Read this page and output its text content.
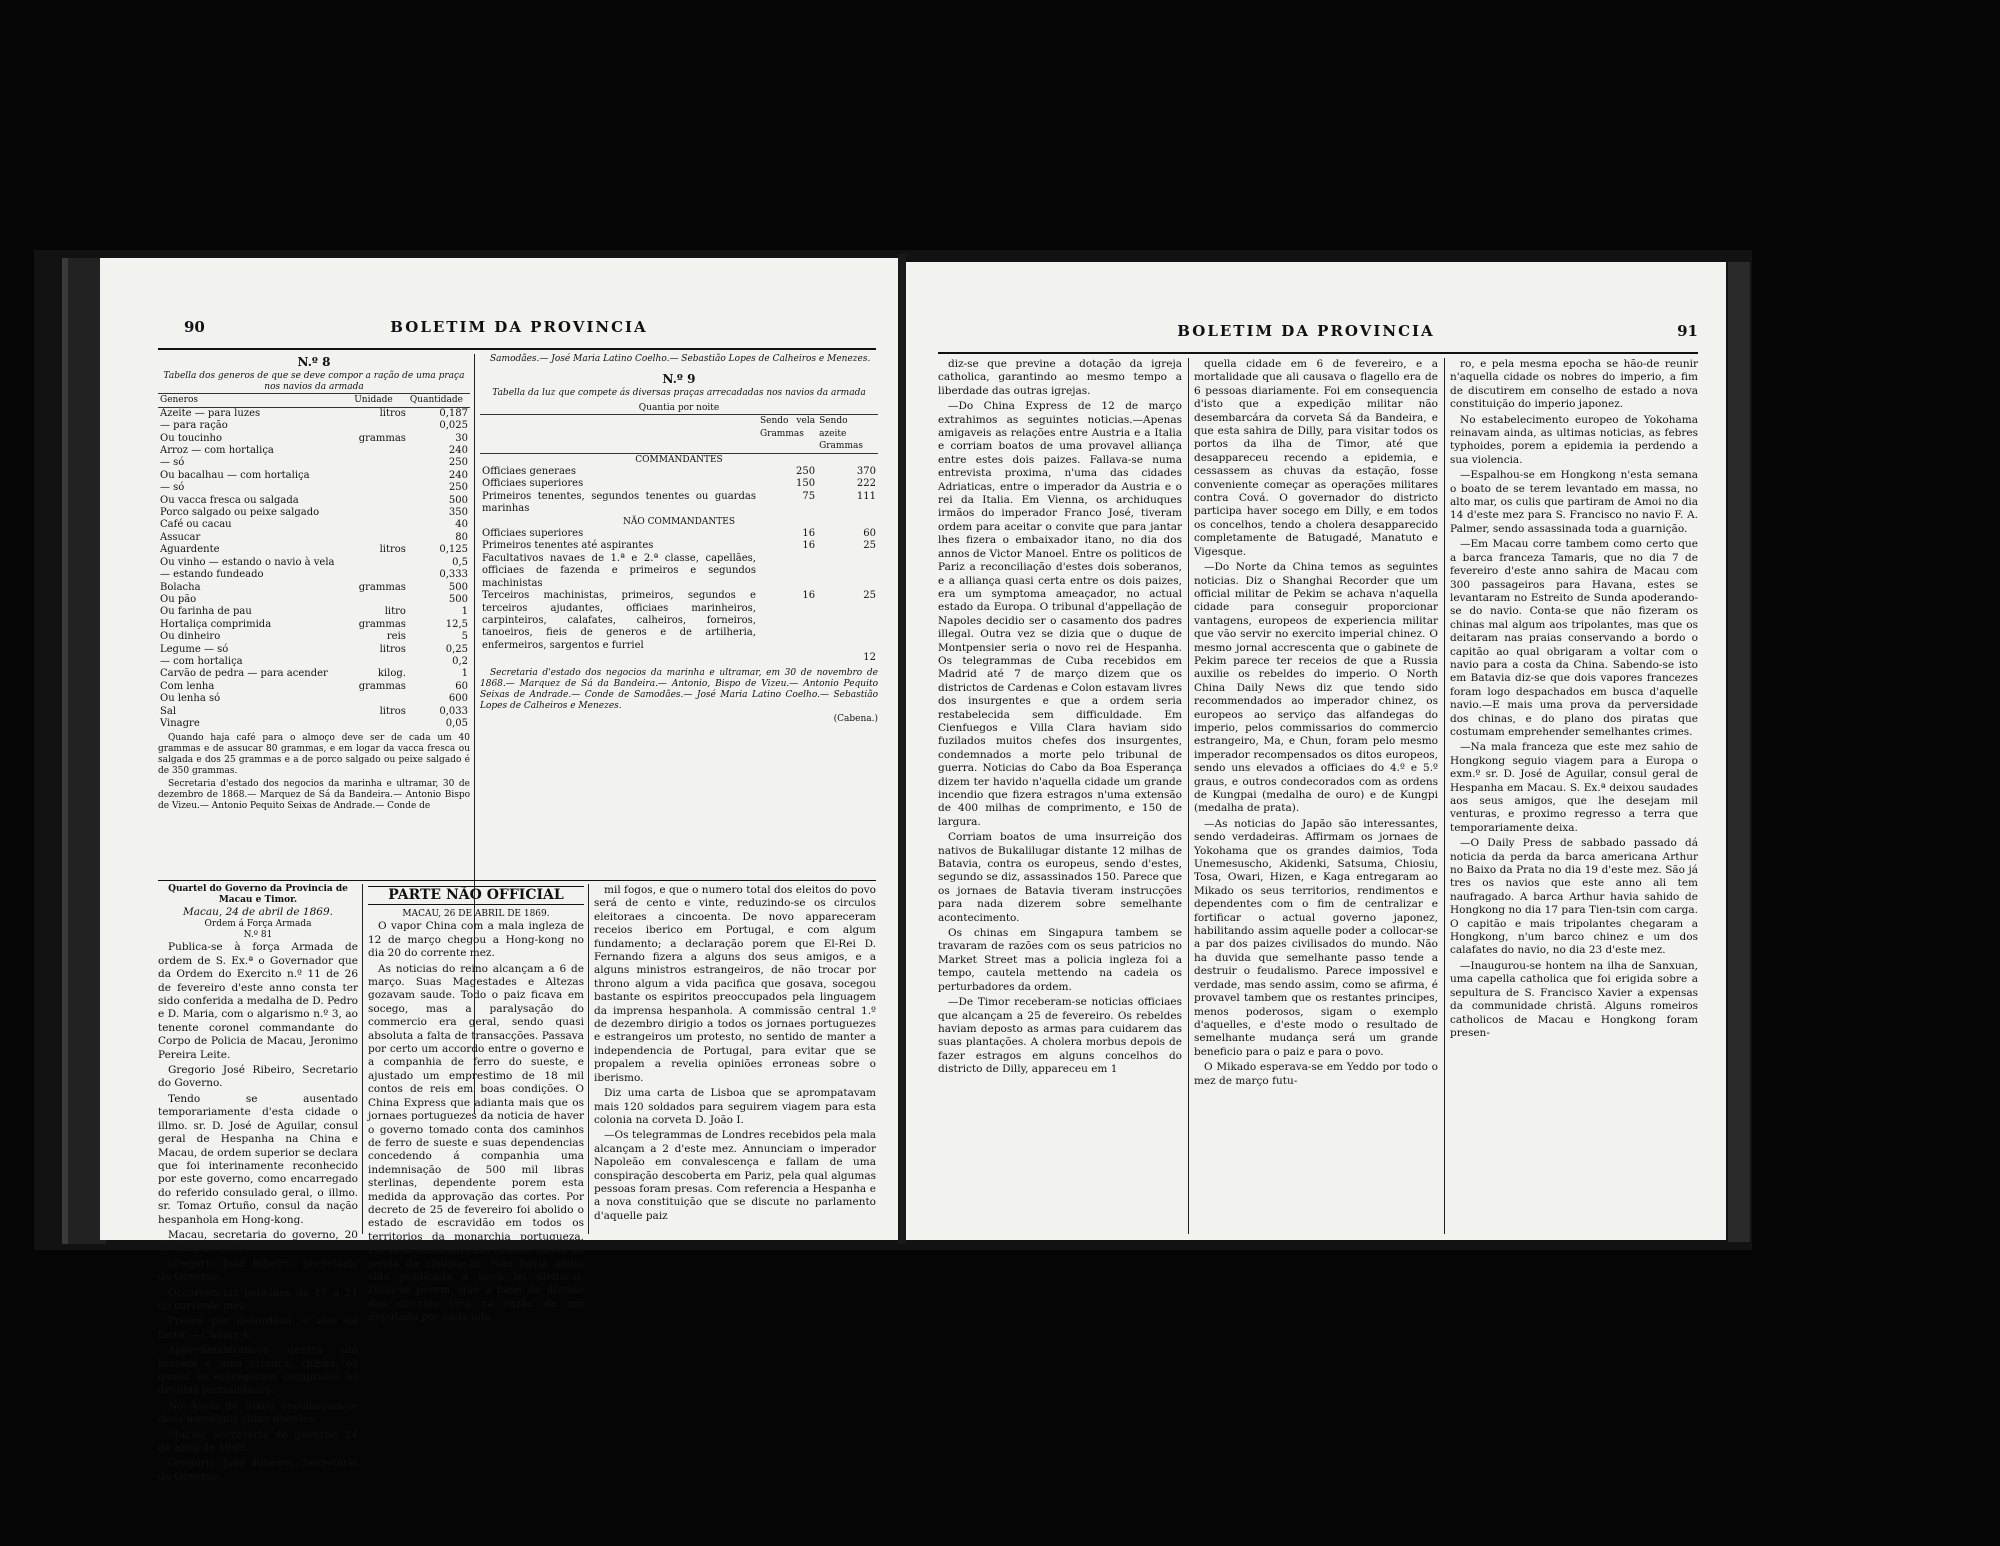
90	BOLETIM DA PROVINCIA
N.º 8
Tabella dos generos de que se deve compor a ração de uma praça nos navios da armada
Generos	Unidade	Quantidade
Azeite — para luzes	litros	0,187
— para ração		0,025
Ou toucinho	grammas	30
Arroz — com hortaliça		240
— só		250
Ou bacalhau — com hortaliça		240
— só		250
Ou vacca fresca ou salgada		500
Porco salgado ou peixe salgado		350
Café ou cacau		40
Assucar		80
Aguardente	litros	0,125
Ou vinho — estando o navio à vela		0,5
— estando fundeado		0,333
Bolacha	grammas	500
Ou pão		500
Ou farinha de pau	litro	1
Hortaliça comprimida	grammas	12,5
Ou dinheiro	reis	5
Legume — só	litros	0,25
— com hortaliça		0,2
Carvão de pedra — para acender	kilog.	1
Com lenha	grammas	60
Ou lenha só		600
Sal	litros	0,033
Vinagre		0,05

Quando haja café para o almoço deve ser de cada um 40 grammas e de assucar 80 grammas, e em logar da vacca fresca ou salgada e dos 25 grammas e a de porco salgado ou peixe salgado é de 350 grammas.

Secretaria d'estado dos negocios da marinha e ultramar, 30 de dezembro de 1868.— Marquez de Sá da Bandeira.— Antonio Bispo de Vizeu.— Antonio Pequito Seixas de Andrade.— Conde de

Samodães.— José Maria Latino Coelho.— Sebastião Lopes de Calheiros e Menezes.

N.º 9
Tabella da luz que compete ás diversas praças arrecadadas nos navios da armada
Quantia por noite
	Sendo vela Grammas	Sendo azeite Grammas
COMMANDANTES		
Officiaes generaes	250	370
Officiaes superiores	150	222
Primeiros tenentes, segundos tenentes ou guardas marinhas	75	111
NÃO COMMANDANTES		
Officiaes superiores	16	60
Primeiros tenentes até aspirantes	16	25
Facultativos navaes de 1.ª e 2.ª classe, capellães, officiaes de fazenda e primeiros e segundos machinistas		
Terceiros machinistas, primeiros, segundos e terceiros ajudantes, officiaes marinheiros, carpinteiros, calafates, calheiros, forneiros, tanoeiros, fieis de generos e de artilheria, enfermeiros, sargentos e furriel	16	25
		12

Secretaria d'estado dos negocios da marinha e ultramar, em 30 de novembro de 1868.— Marquez de Sá da Bandeira.— Antonio, Bispo de Vizeu.— Antonio Pequito Seixas de Andrade.— Conde de Samodães.— José Maria Latino Coelho.— Sebastião Lopes de Calheiros e Menezes.

(Cabena.)

Quartel do Governo da Provincia de Macau e Timor.
Macau, 24 de abril de 1869.
Ordem á Força Armada
N.º 81

Publica-se à força Armada de ordem de S. Ex.ª o Governador que da Ordem do Exercito n.º 11 de 26 de fevereiro d'este anno consta ter sido conferida a medalha de D. Pedro e D. Maria, com o algarismo n.º 3, ao tenente coronel commandante do Corpo de Policia de Macau, Jeronimo Pereira Leite.

Gregorio José Ribeiro, Secretario do Governo.

Tendo se ausentado temporariamente d'esta cidade o illmo. sr. D. José de Aguilar, consul geral de Hespanha na China e Macau, de ordem superior se declara que foi interinamente reconhecido por este governo, como encarregado do referido consulado geral, o illmo. sr. Tomaz Ortuño, consul da nação hespanhola em Hong-kong.

Macau, secretaria do governo, 20 de abril de 1869.

Gregorio José Ribeiro, Secretario do Governo.

Occorrencias policiaes de 17 a 21 do corrente mez.

Presos por desordens, e vias de facto — Chinas 4.

Apprehenderam-se dentro um homem e uma criança, chinas, os quaes se entregaram cumpridas as devidas formalidades.

No Asylo de Sikou recolheram-se dous mendigos chins doentes.

Macau, secretaria do governo 24 de abril de 1869.

Gregorio José Ribeiro, Secretario do Governo.

PARTE NÃO OFFICIAL
MACAU, 26 DE ABRIL DE 1869.

O vapor China com a mala ingleza de 12 de março chegou a Hong-kong no dia 20 do corrente mez.

As noticias do reino alcançam a 6 de março. Suas Magestades e Altezas gozavam saude. Todo o paiz ficava em socego, mas a paralysação do commercio era geral, sendo quasi absoluta a falta de transacções. Passava por certo um accordo entre o governo e a companhia de ferro do sueste, e ajustado um emprestimo de 18 mil contos de reis em boas condições. O China Express que adianta mais que os jornaes portuguezes da noticia de haver o governo tomado conta dos caminhos de ferro de sueste e suas dependencias concedendo á companhia uma indemnisação de 500 mil libras sterlinas, dependente porem esta medida da approvação das cortes. Por decreto de 25 de fevereiro foi abolido o estado de escravidão em todos os territorios da monarchia portugueza. Foi bem recebido este grande passo da senda da civilisação. Não havia ainda sido publicada a nova lei eleitoral. Dizia-se porem, que a base da divisão dos circulos fôra na razão de um deputado por cada oito

mil fogos, e que o numero total dos eleitos do povo será de cento e vinte, reduzindo-se os circulos eleitoraes a cincoenta. De novo appareceram receios iberico em Portugal, e com algum fundamento; a declaração porem que El-Rei D. Fernando fizera a alguns dos seus amigos, e a alguns ministros estrangeiros, de não trocar por throno algum a vida pacifica que gosava, socegou bastante os espiritos preoccupados pela linguagem da imprensa hespanhola. A commissão central 1.º de dezembro dirigio a todos os jornaes portuguezes e estrangeiros um protesto, no sentido de manter a independencia de Portugal, para evitar que se propalem a revelia opiniões erroneas sobre o iberismo.

Diz uma carta de Lisboa que se aprompatavam mais 120 soldados para seguirem viagem para esta colonia na corveta D. João I.

—Os telegrammas de Londres recebidos pela mala alcançam a 2 d'este mez. Annunciam o imperador Napoleão em convalescença e fallam de uma conspiração descoberta em Pariz, pela qual algumas pessoas foram presas. Com referencia a Hespanha e a nova constituição que se discute no parlamento d'aquelle paiz

BOLETIM DA PROVINCIA	91

diz-se que previne a dotação da igreja catholica, garantindo ao mesmo tempo a liberdade das outras igrejas.

—Do China Express de 12 de março extrahimos as seguintes noticias.—Apenas amigaveis as relações entre Austria e a Italia e corriam boatos de uma provavel alliança entre estes dois paizes. Fallava-se numa entrevista proxima, n'uma das cidades Adriaticas, entre o imperador da Austria e o rei da Italia. Em Vienna, os archiduques irmãos do imperador Franco José, tiveram ordem para aceitar o convite que para jantar lhes fizera o embaixador itano, no dia dos annos de Victor Manoel. Entre os politicos de Pariz a reconciliação d'estes dois soberanos, e a alliança quasi certa entre os dois paizes, era um symptoma ameaçador, no actual estado da Europa. O tribunal d'appellação de Napoles decidio ser o casamento dos padres illegal. Outra vez se dizia que o duque de Montpensier seria o novo rei de Hespanha. Os telegrammas de Cuba recebidos em Madrid até 7 de março dizem que os districtos de Cardenas e Colon estavam livres dos insurgentes e que a ordem seria restabelecida sem difficuldade. Em Cienfuegos e Villa Clara haviam sido fuzilados muitos chefes dos insurgentes, condemnados a morte pelo tribunal de guerra. Noticias do Cabo da Boa Esperança dizem ter havido n'aquella cidade um grande incendio que fizera estragos n'uma extensão de 400 milhas de comprimento, e 150 de largura.

Corriam boatos de uma insurreição dos nativos de Bukalilugar distante 12 milhas de Batavia, contra os europeus, sendo d'estes, segundo se diz, assassinados 150. Parece que os jornaes de Batavia tiveram instrucções para nada dizerem sobre semelhante acontecimento.

Os chinas em Singapura tambem se travaram de razões com os seus patricios no Market Street mas a policia ingleza foi a tempo, cautela mettendo na cadeia os perturbadores da ordem.

—De Timor receberam-se noticias officiaes que alcançam a 25 de fevereiro. Os rebeldes haviam deposto as armas para cuidarem das suas plantações. A cholera morbus depois de fazer estragos em alguns concelhos do districto de Dilly, appareceu em 1

quella cidade em 6 de fevereiro, e a mortalidade que ali causava o flagello era de 6 pessoas diariamente. Foi em consequencia d'isto que a expedição militar não desembarcára da corveta Sá da Bandeira, e que esta sahira de Dilly, para visitar todos os portos da ilha de Timor, até que desappareceu recendo a epidemia, e cessassem as chuvas da estação, fosse conveniente começar as operações militares contra Cová. O governador do districto participa haver socego em Dilly, e em todos os concelhos, tendo a cholera desapparecido completamente de Batugadé, Manatuto e Vigesque.

—Do Norte da China temos as seguintes noticias. Diz o Shanghai Recorder que um official militar de Pekim se achava n'aquella cidade para conseguir proporcionar vantagens, europeos de experiencia militar que vão servir no exercito imperial chinez. O mesmo jornal accrescenta que o gabinete de Pekim parece ter receios de que a Russia auxilie os rebeldes do imperio. O North China Daily News diz que tendo sido recommendados ao imperador chinez, os europeos ao serviço das alfandegas do imperio, pelos commissarios do commercio estrangeiro, Ma, e Chun, foram pelo mesmo imperador recompensados os ditos europeos, sendo uns elevados a officiaes do 4.º e 5.º graus, e outros condecorados com as ordens de Kungpai (medalha de ouro) e de Kungpi (medalha de prata).

—As noticias do Japão são interessantes, sendo verdadeiras. Affirmam os jornaes de Yokohama que os grandes daimios, Toda Unemesuscho, Akidenki, Satsuma, Chiosiu, Tosa, Owari, Hizen, e Kaga entregaram ao Mikado os seus territorios, rendimentos e dependentes com o fim de centralizar e fortificar o actual governo japonez, habilitando assim aquelle poder a collocar-se a par dos paizes civilisados do mundo. Não ha duvida que semelhante passo tende a destruir o feudalismo. Parece impossivel e verdade, mas sendo assim, como se afirma, é provavel tambem que os restantes principes, menos poderosos, sigam o exemplo d'aquelles, e d'este modo o resultado de semelhante mudança será um grande beneficio para o paiz e para o povo.

O Mikado esperava-se em Yeddo por todo o mez de março futu-

ro, e pela mesma epocha se hão-de reunir n'aquella cidade os nobres do imperio, a fim de discutirem em conselho de estado a nova constituição do imperio japonez.

No estabelecimento europeo de Yokohama reinavam ainda, as ultimas noticias, as febres typhoides, porem a epidemia ia perdendo a sua violencia.

—Espalhou-se em Hongkong n'esta semana o boato de se terem levantado em massa, no alto mar, os culis que partiram de Amoi no dia 14 d'este mez para S. Francisco no navio F. A. Palmer, sendo assassinada toda a guarnição.

—Em Macau corre tambem como certo que a barca franceza Tamaris, que no dia 7 de fevereiro d'este anno sahira de Macau com 300 passageiros para Havana, estes se levantaram no Estreito de Sunda apoderando-se do navio. Conta-se que não fizeram os chinas mal algum aos tripolantes, mas que os deitaram nas praias conservando a bordo o capitão ao qual obrigaram a voltar com o navio para a costa da China. Sabendo-se isto em Batavia diz-se que dois vapores francezes foram logo despachados em busca d'aquelle navio.—E mais uma prova da perversidade dos chinas, e do plano dos piratas que costumam emprehender semelhantes crimes.

—Na mala franceza que este mez sahio de Hongkong seguio viagem para a Europa o exm.º sr. D. José de Aguilar, consul geral de Hespanha em Macau. S. Ex.ª deixou saudades aos seus amigos, que lhe desejam mil venturas, e proximo regresso a terra que temporariamente deixa.

—O Daily Press de sabbado passado dá noticia da perda da barca americana Arthur no Baixo da Prata no dia 19 d'este mez. São já tres os navios que este anno ali tem naufragado. A barca Arthur havia sahido de Hongkong no dia 17 para Tien-tsin com carga. O capitão e mais tripolantes chegaram a Hongkong, n'um barco chinez e um dos calafates do navio, no dia 23 d'este mez.

—Inaugurou-se hontem na ilha de Sanxuan, uma capella catholica que foi erigida sobre a sepultura de S. Francisco Xavier a expensas da communidade christã. Alguns romeiros catholicos de Macau e Hongkong foram presen-
